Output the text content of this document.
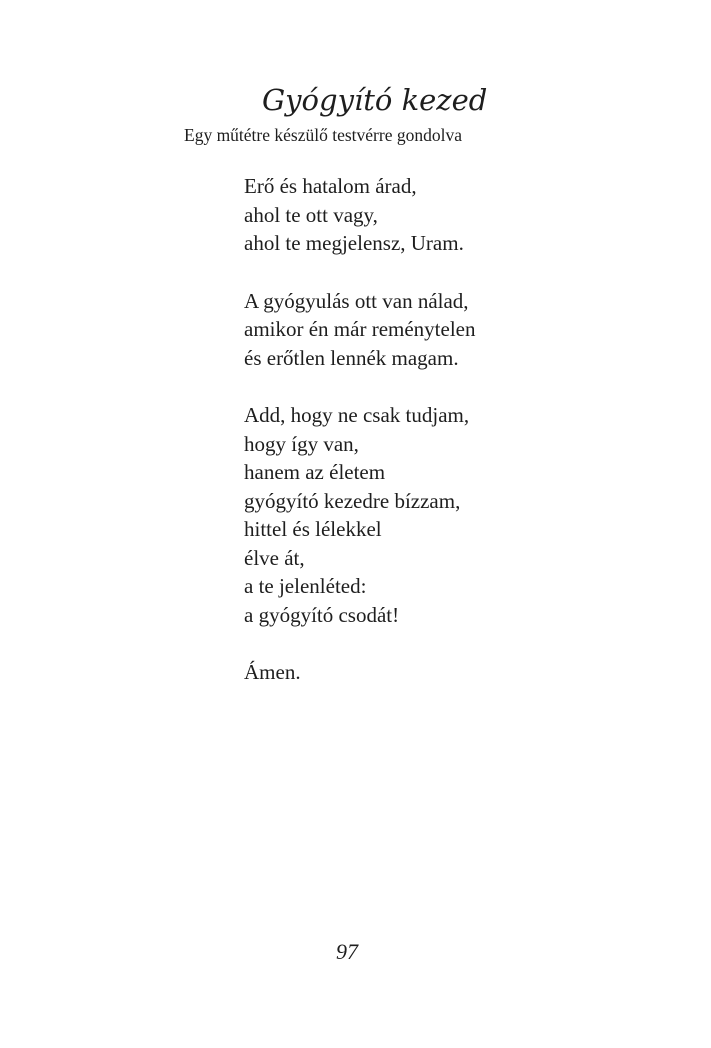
Gyógyító kezed
Egy műtétre készülő testvérre gondolva
Erő és hatalom árad,
ahol te ott vagy,
ahol te megjelensz, Uram.
A gyógyulás ott van nálad,
amikor én már reménytelen
és erőtlen lennék magam.
Add, hogy ne csak tudjam,
hogy így van,
hanem az életem
gyógyító kezedre bízzam,
hittel és lélekkel
élve át,
a te jelenléted:
a gyógyító csodát!
Ámen.
97
